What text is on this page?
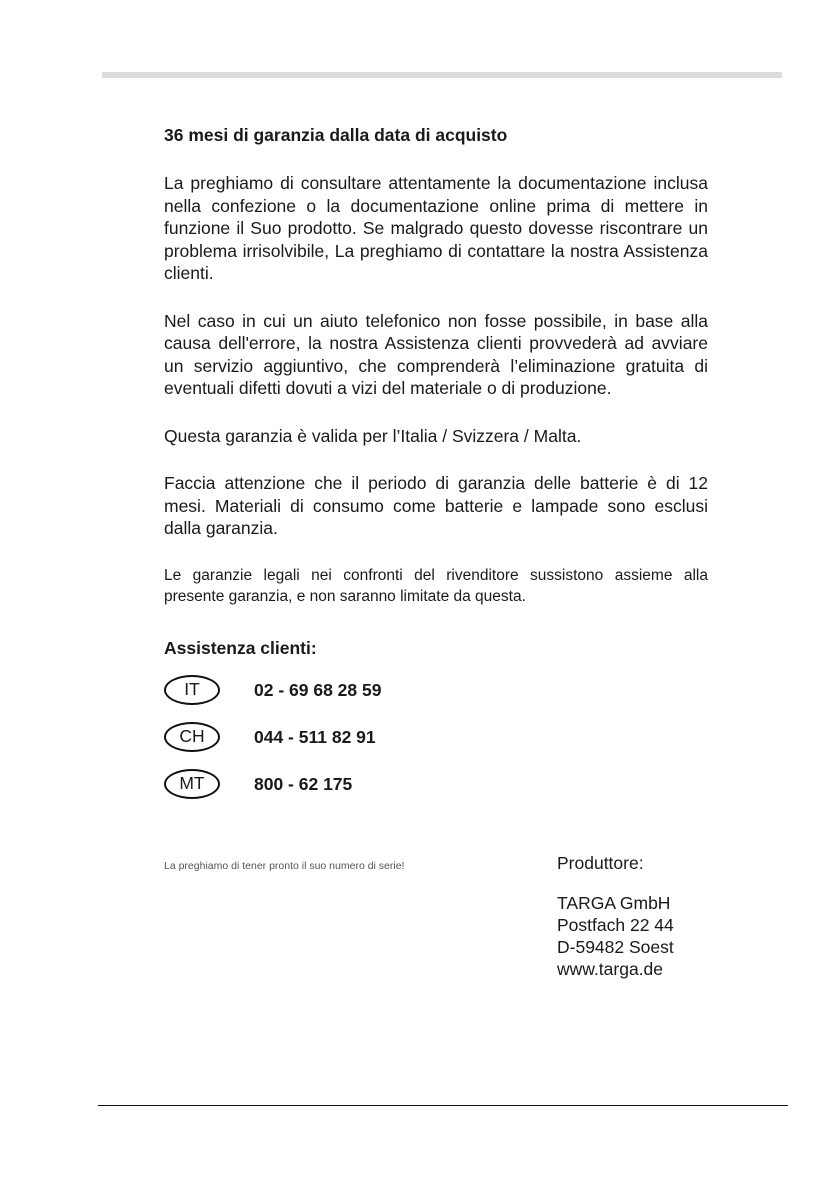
36 mesi di garanzia dalla data di acquisto

La preghiamo di consultare attentamente la documentazione inclusa nella confezione o la documentazione online prima di mettere in funzione il Suo prodotto. Se malgrado questo dovesse riscontrare un problema irrisolvibile, La preghiamo di contattare la nostra Assistenza clienti.

Nel caso in cui un aiuto telefonico non fosse possibile, in base alla causa dell'errore, la nostra Assistenza clienti provvederà ad avviare un servizio aggiuntivo, che comprenderà l’eliminazione gratuita di eventuali difetti dovuti a vizi del materiale o di produzione.

Questa garanzia è valida per l’Italia / Svizzera / Malta.

Faccia attenzione che il periodo di garanzia delle batterie è di 12 mesi. Materiali di consumo come batterie e lampade sono esclusi dalla garanzia.

Le garanzie legali nei confronti del rivenditore sussistono assieme alla presente garanzia, e non saranno limitate da questa.

Assistenza clienti:
IT	02 - 69 68 28 59
CH	044 - 511 82 91
MT	800 - 62 175
La preghiamo di tener pronto il suo numero di serie!	Produttore:
TARGA GmbH
Postfach 22 44
D-59482 Soest
www.targa.de
